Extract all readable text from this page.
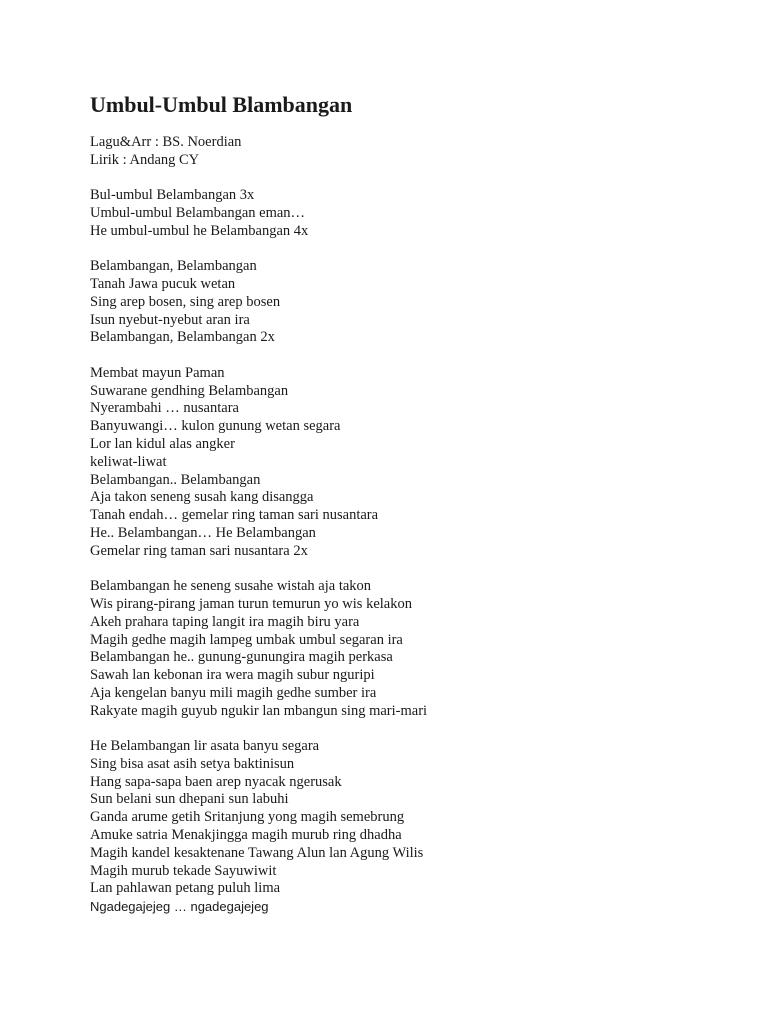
Umbul-Umbul Blambangan
Lagu&Arr : BS. Noerdian
Lirik : Andang CY
Bul-umbul Belambangan 3x
Umbul-umbul Belambangan eman…
He umbul-umbul he Belambangan 4x
Belambangan, Belambangan
Tanah Jawa pucuk wetan
Sing arep bosen, sing arep bosen
Isun nyebut-nyebut aran ira
Belambangan, Belambangan 2x
Membat mayun Paman
Suwarane gendhing Belambangan
Nyerambahi … nusantara
Banyuwangi… kulon gunung wetan segara
Lor lan kidul alas angker
keliwat-liwat
Belambangan.. Belambangan
Aja takon seneng susah kang disangga
Tanah endah… gemelar ring taman sari nusantara
He.. Belambangan… He Belambangan
Gemelar ring taman sari nusantara 2x
Belambangan he seneng susahe wistah aja takon
Wis pirang-pirang jaman turun temurun yo wis kelakon
Akeh prahara taping langit ira magih biru yara
Magih gedhe magih lampeg umbak umbul segaran ira
Belambangan he.. gunung-gunungira magih perkasa
Sawah lan kebonan ira wera magih subur nguripi
Aja kengelan banyu mili magih gedhe sumber ira
Rakyate magih guyub ngukir lan mbangun sing mari-mari
He Belambangan lir asata banyu segara
Sing bisa asat asih setya baktinisun
Hang sapa-sapa baen arep nyacak ngerusak
Sun belani sun dhepani sun labuhi
Ganda arume getih Sritanjung yong magih semebrung
Amuke satria Menakjingga magih murub ring dhadha
Magih kandel kesaktenane Tawang Alun lan Agung Wilis
Magih murub tekade Sayuwiwit
Lan pahlawan petang puluh lima
Ngadegajejeg … ngadegajejeg
